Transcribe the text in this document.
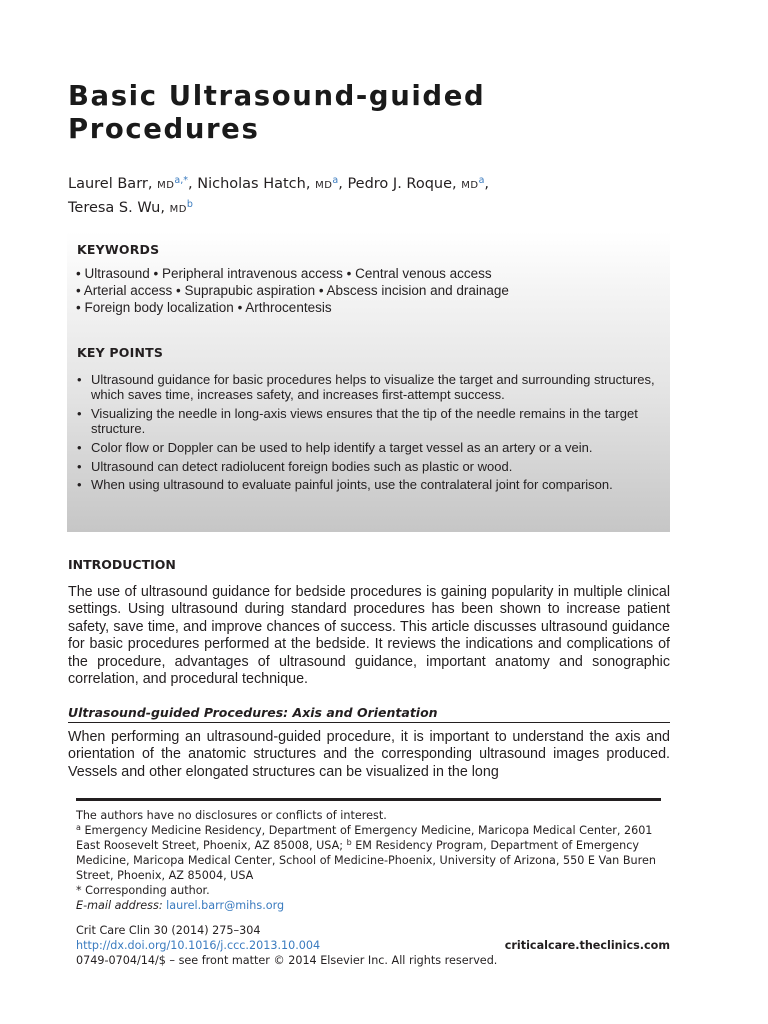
Basic Ultrasound-guided
Procedures
Laurel Barr, $MD^{a,*}$, Nicholas Hatch, $MD^a$, Pedro J. Roque, $MD^a$,
Teresa S. Wu, $MD^b$
KEYWORDS
• Ultrasound • Peripheral intravenous access • Central venous access
• Arterial access • Suprapubic aspiration • Abscess incision and drainage
• Foreign body localization • Arthrocentesis
KEY POINTS
• Ultrasound guidance for basic procedures helps to visualize the target and surrounding structures, which saves time, increases safety, and increases first-attempt success.
• Visualizing the needle in long-axis views ensures that the tip of the needle remains in the target structure.
• Color flow or Doppler can be used to help identify a target vessel as an artery or a vein.
• Ultrasound can detect radiolucent foreign bodies such as plastic or wood.
• When using ultrasound to evaluate painful joints, use the contralateral joint for comparison.
INTRODUCTION

The use of ultrasound guidance for bedside procedures is gaining popularity in multiple clinical settings. Using ultrasound during standard procedures has been shown to increase patient safety, save time, and improve chances of success. This article discusses ultrasound guidance for basic procedures performed at the bedside. It reviews the indications and complications of the procedure, advantages of ultrasound guidance, important anatomy and sonographic correlation, and procedural technique.

Ultrasound-guided Procedures: Axis and Orientation

When performing an ultrasound-guided procedure, it is important to understand the axis and orientation of the anatomic structures and the corresponding ultrasound images produced. Vessels and other elongated structures can be visualized in the long

The authors have no disclosures or conflicts of interest.

$^a$ Emergency Medicine Residency, Department of Emergency Medicine, Maricopa Medical Center, 2601 East Roosevelt Street, Phoenix, AZ 85008, USA; $^b$ EM Residency Program, Department of Emergency Medicine, Maricopa Medical Center, School of Medicine-Phoenix, University of Arizona, 550 E Van Buren Street, Phoenix, AZ 85004, USA

* Corresponding author.

E-mail address: laurel.barr@mihs.org

Crit Care Clin 30 (2014) 275–304

http://dx.doi.org/10.1016/j.ccc.2013.10.004	criticalcare.theclinics.com

0749-0704/14/$ – see front matter © 2014 Elsevier Inc. All rights reserved.
